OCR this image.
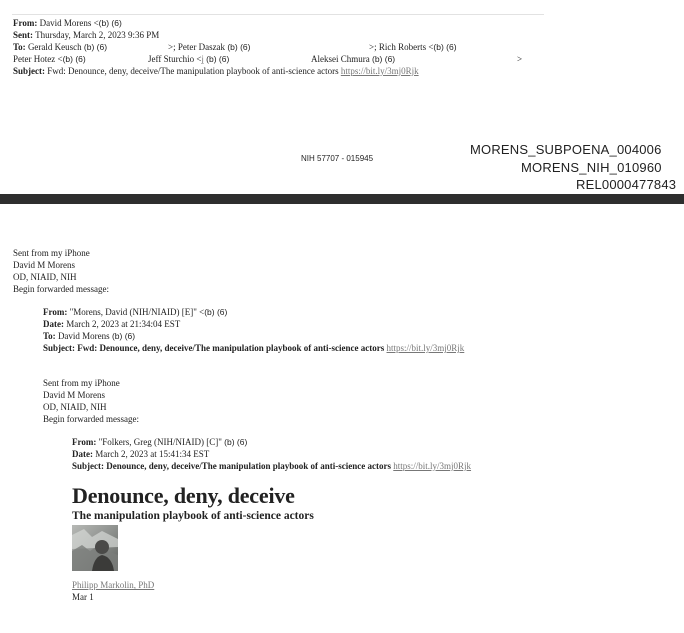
From: David Morens <(b) (6)
Sent: Thursday, March 2, 2023 9:36 PM
To: Gerald Keusch (b) (6)	>; Peter Daszak (b) (6)	>; Rich Roberts <(b) (6)
Peter Hotez <(b) (6)	Jeff Sturchio <j (b) (6)	Aleksei Chmura (b) (6)	>
Subject: Fwd: Denounce, deny, deceive/The manipulation playbook of anti-science actors https://bit.ly/3mj0Rjk
NIH 57707 - 015945
MORENS_SUBPOENA_004006
MORENS_NIH_010960
REL0000477843
Sent from my iPhone
David M Morens
OD, NIAID, NIH
Begin forwarded message:
From: "Morens, David (NIH/NIAID) [E]" <(b) (6)
Date: March 2, 2023 at 21:34:04 EST
To: David Morens (b) (6)
Subject: Fwd: Denounce, deny, deceive/The manipulation playbook of anti-science actors https://bit.ly/3mj0Rjk
Sent from my iPhone
David M Morens
OD, NIAID, NIH
Begin forwarded message:
From: "Folkers, Greg (NIH/NIAID) [C]" (b) (6)
Date: March 2, 2023 at 15:41:34 EST
Subject: Denounce, deny, deceive/The manipulation playbook of anti-science actors https://bit.ly/3mj0Rjk
Denounce, deny, deceive
The manipulation playbook of anti-science actors
Philipp Markolin, PhD
Mar 1
